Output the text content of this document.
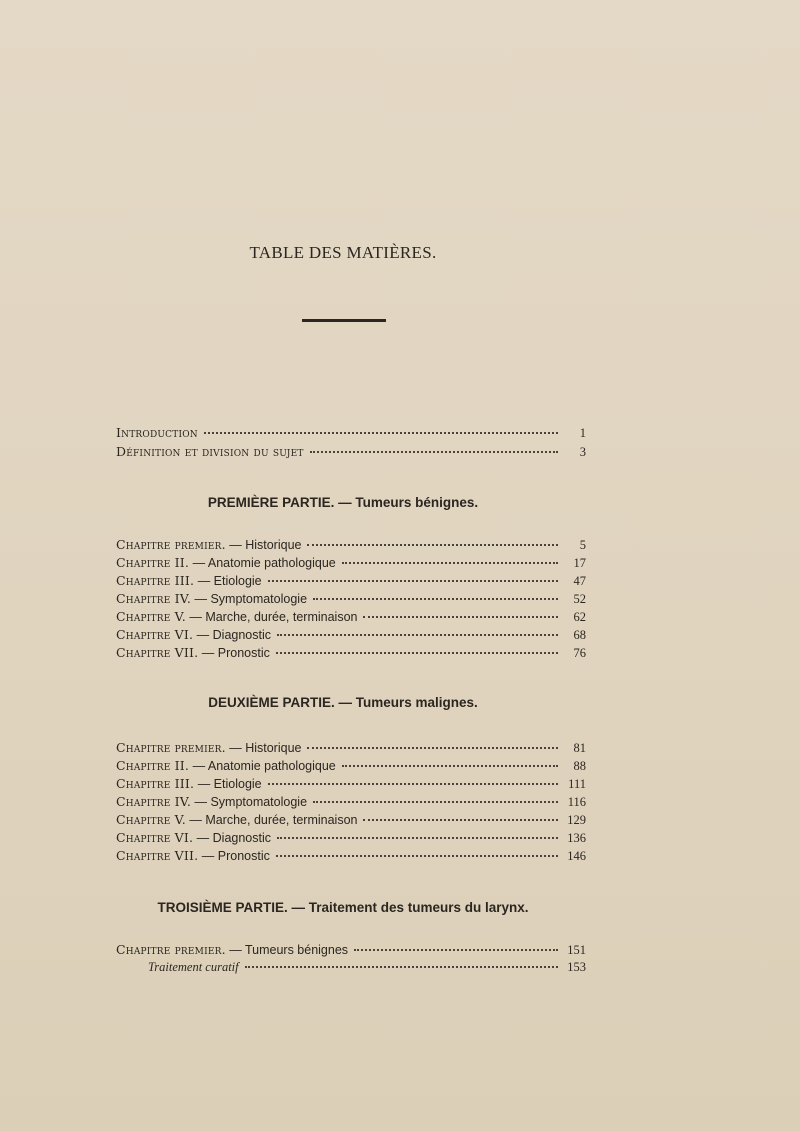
TABLE DES MATIÈRES.
Introduction	1
Définition et division du sujet	3
PREMIÈRE PARTIE. — Tumeurs bénignes.
Chapitre premier. — Historique	5
Chapitre II. — Anatomie pathologique	17
Chapitre III. — Etiologie	47
Chapitre IV. — Symptomatologie	52
Chapitre V. — Marche, durée, terminaison	62
Chapitre VI. — Diagnostic	68
Chapitre VII. — Pronostic	76
DEUXIÈME PARTIE. — Tumeurs malignes.
Chapitre premier. — Historique	81
Chapitre II. — Anatomie pathologique	88
Chapitre III. — Etiologie	111
Chapitre IV. — Symptomatologie	116
Chapitre V. — Marche, durée, terminaison	129
Chapitre VI. — Diagnostic	136
Chapitre VII. — Pronostic	146
TROISIÈME PARTIE. — Traitement des tumeurs du larynx.
Chapitre premier. — Tumeurs bénignes	151
Traitement curatif	153
